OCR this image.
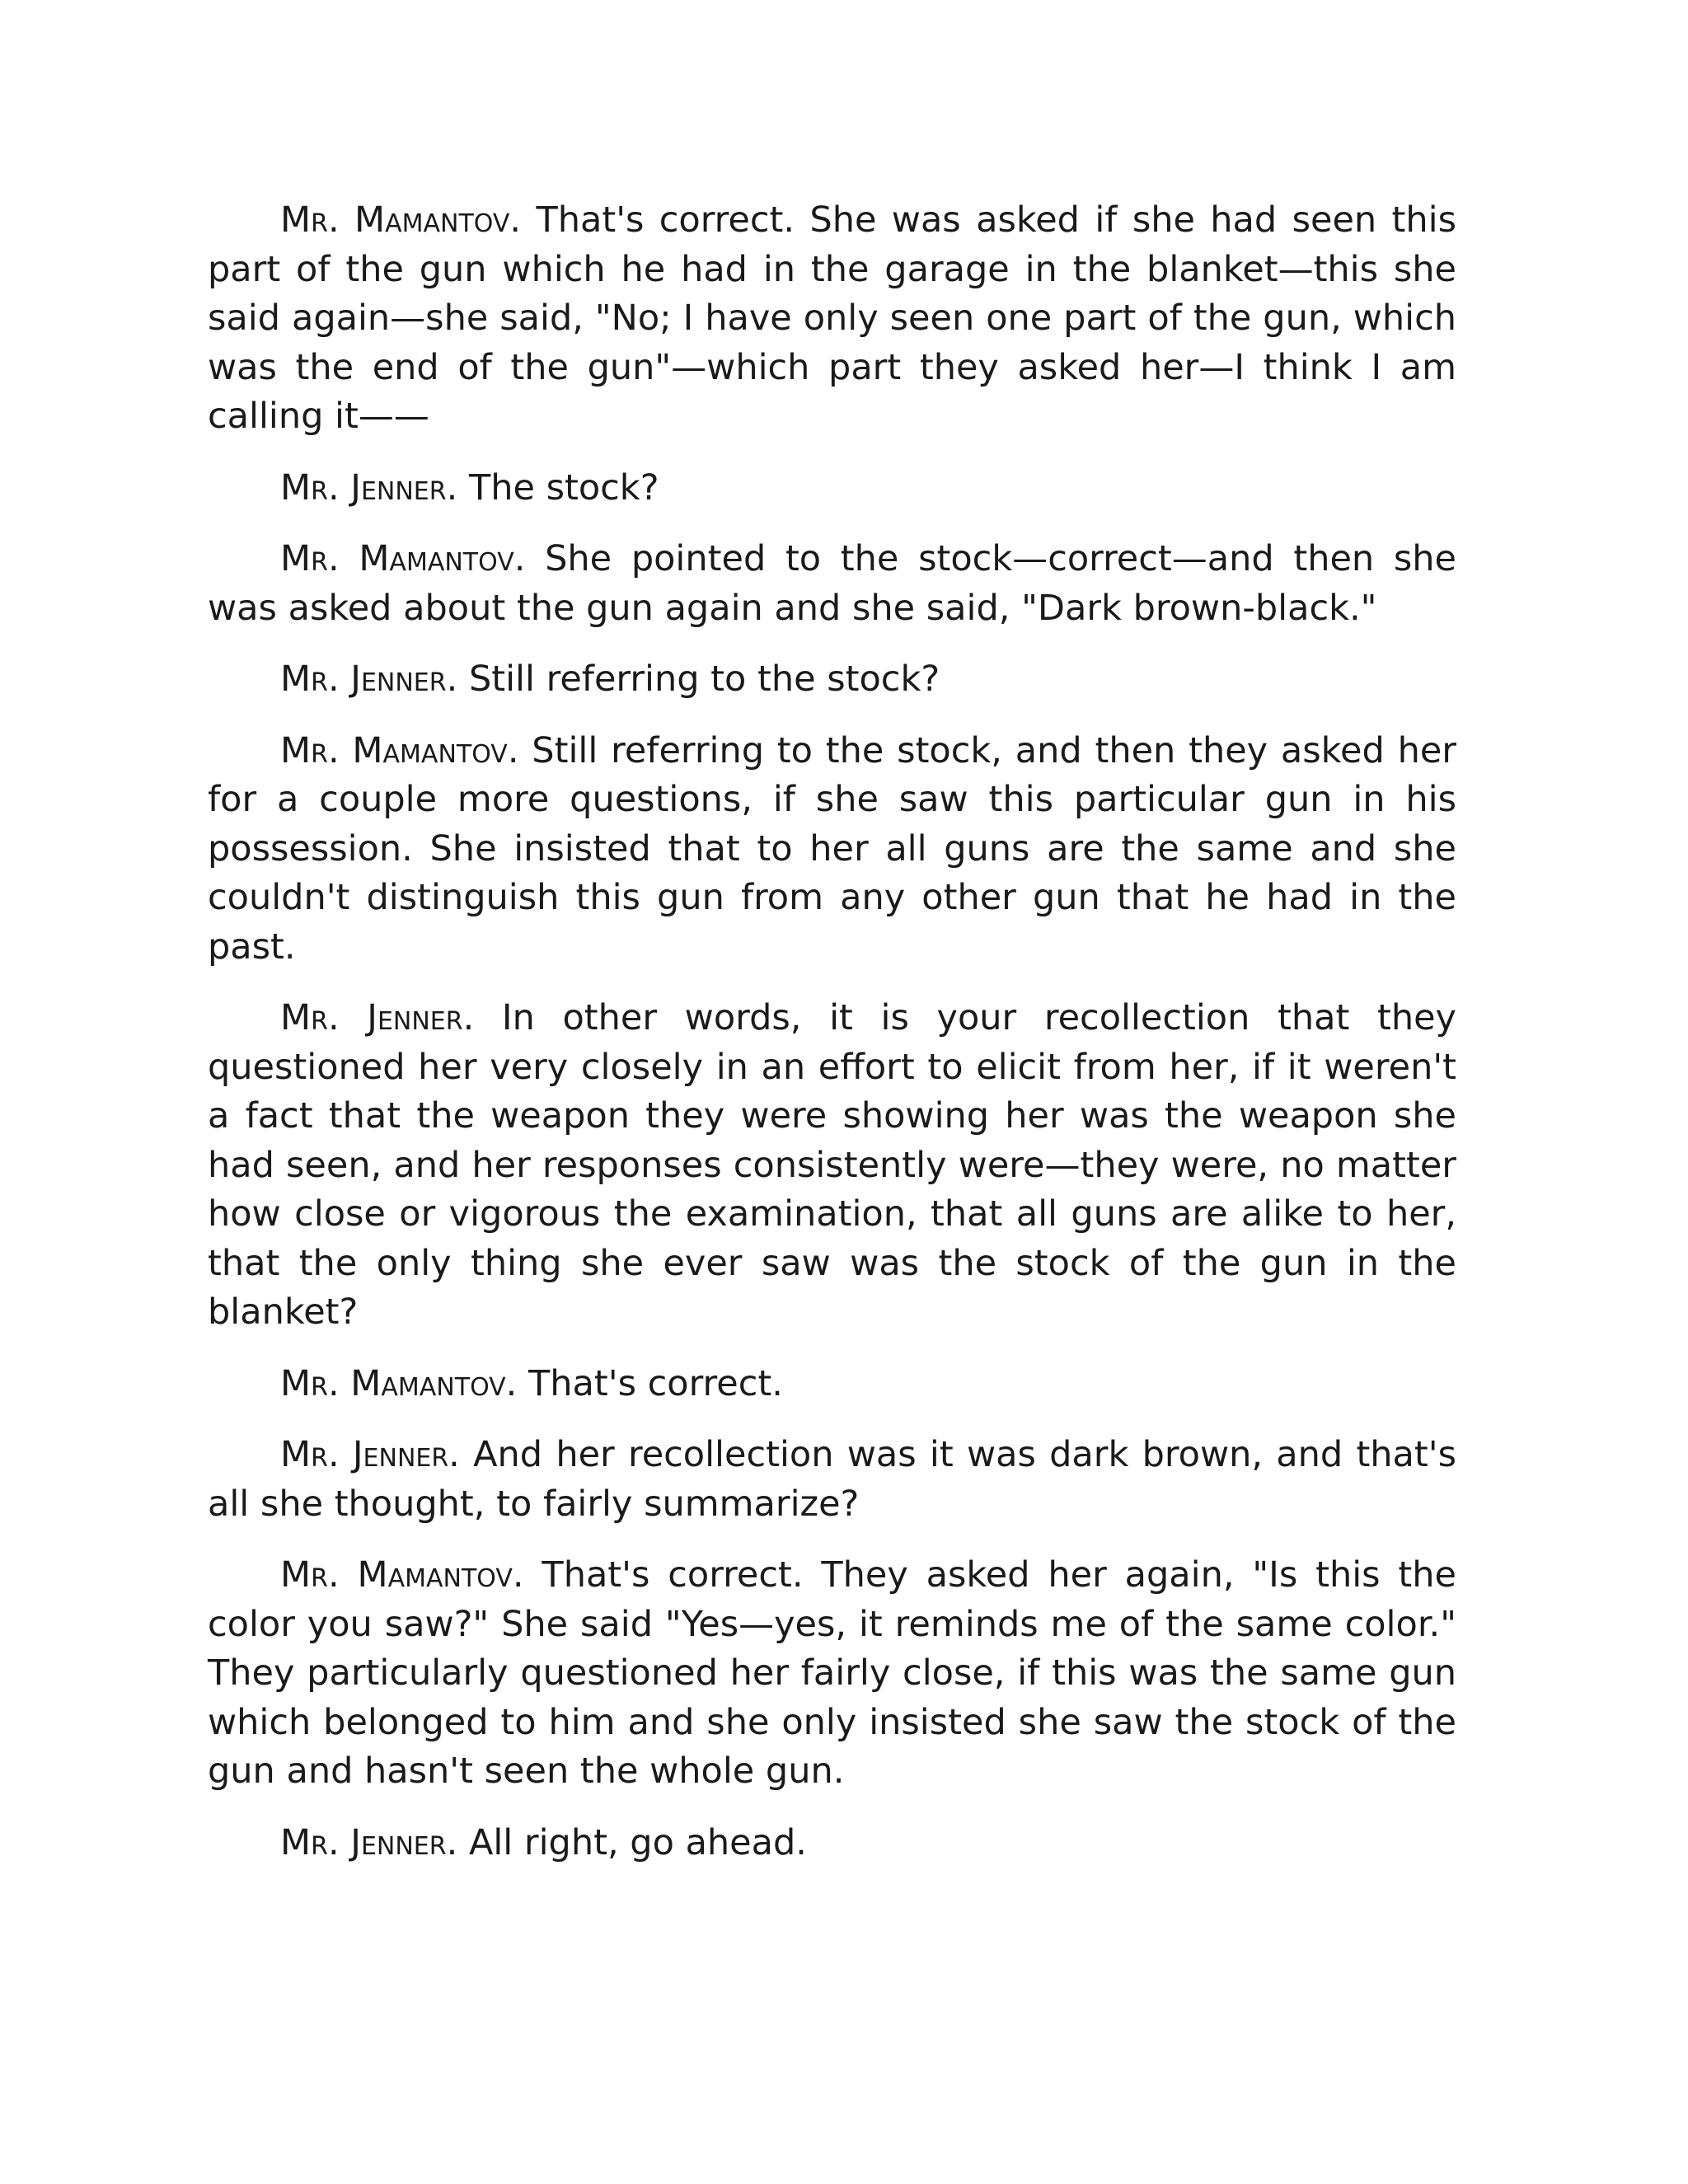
Mr. Mamantov. That's correct. She was asked if she had seen this part of the gun which he had in the garage in the blanket—this she said again—she said, "No; I have only seen one part of the gun, which was the end of the gun"—which part they asked her—I think I am calling it——

Mr. Jenner. The stock?

Mr. Mamantov. She pointed to the stock—correct—and then she was asked about the gun again and she said, "Dark brown-black."

Mr. Jenner. Still referring to the stock?

Mr. Mamantov. Still referring to the stock, and then they asked her for a couple more questions, if she saw this particular gun in his possession. She insisted that to her all guns are the same and she couldn't distinguish this gun from any other gun that he had in the past.

Mr. Jenner. In other words, it is your recollection that they questioned her very closely in an effort to elicit from her, if it weren't a fact that the weapon they were showing her was the weapon she had seen, and her responses consistently were—they were, no matter how close or vigorous the examination, that all guns are alike to her, that the only thing she ever saw was the stock of the gun in the blanket?

Mr. Mamantov. That's correct.

Mr. Jenner. And her recollection was it was dark brown, and that's all she thought, to fairly summarize?

Mr. Mamantov. That's correct. They asked her again, "Is this the color you saw?" She said "Yes—yes, it reminds me of the same color." They particularly questioned her fairly close, if this was the same gun which belonged to him and she only insisted she saw the stock of the gun and hasn't seen the whole gun.

Mr. Jenner. All right, go ahead.
